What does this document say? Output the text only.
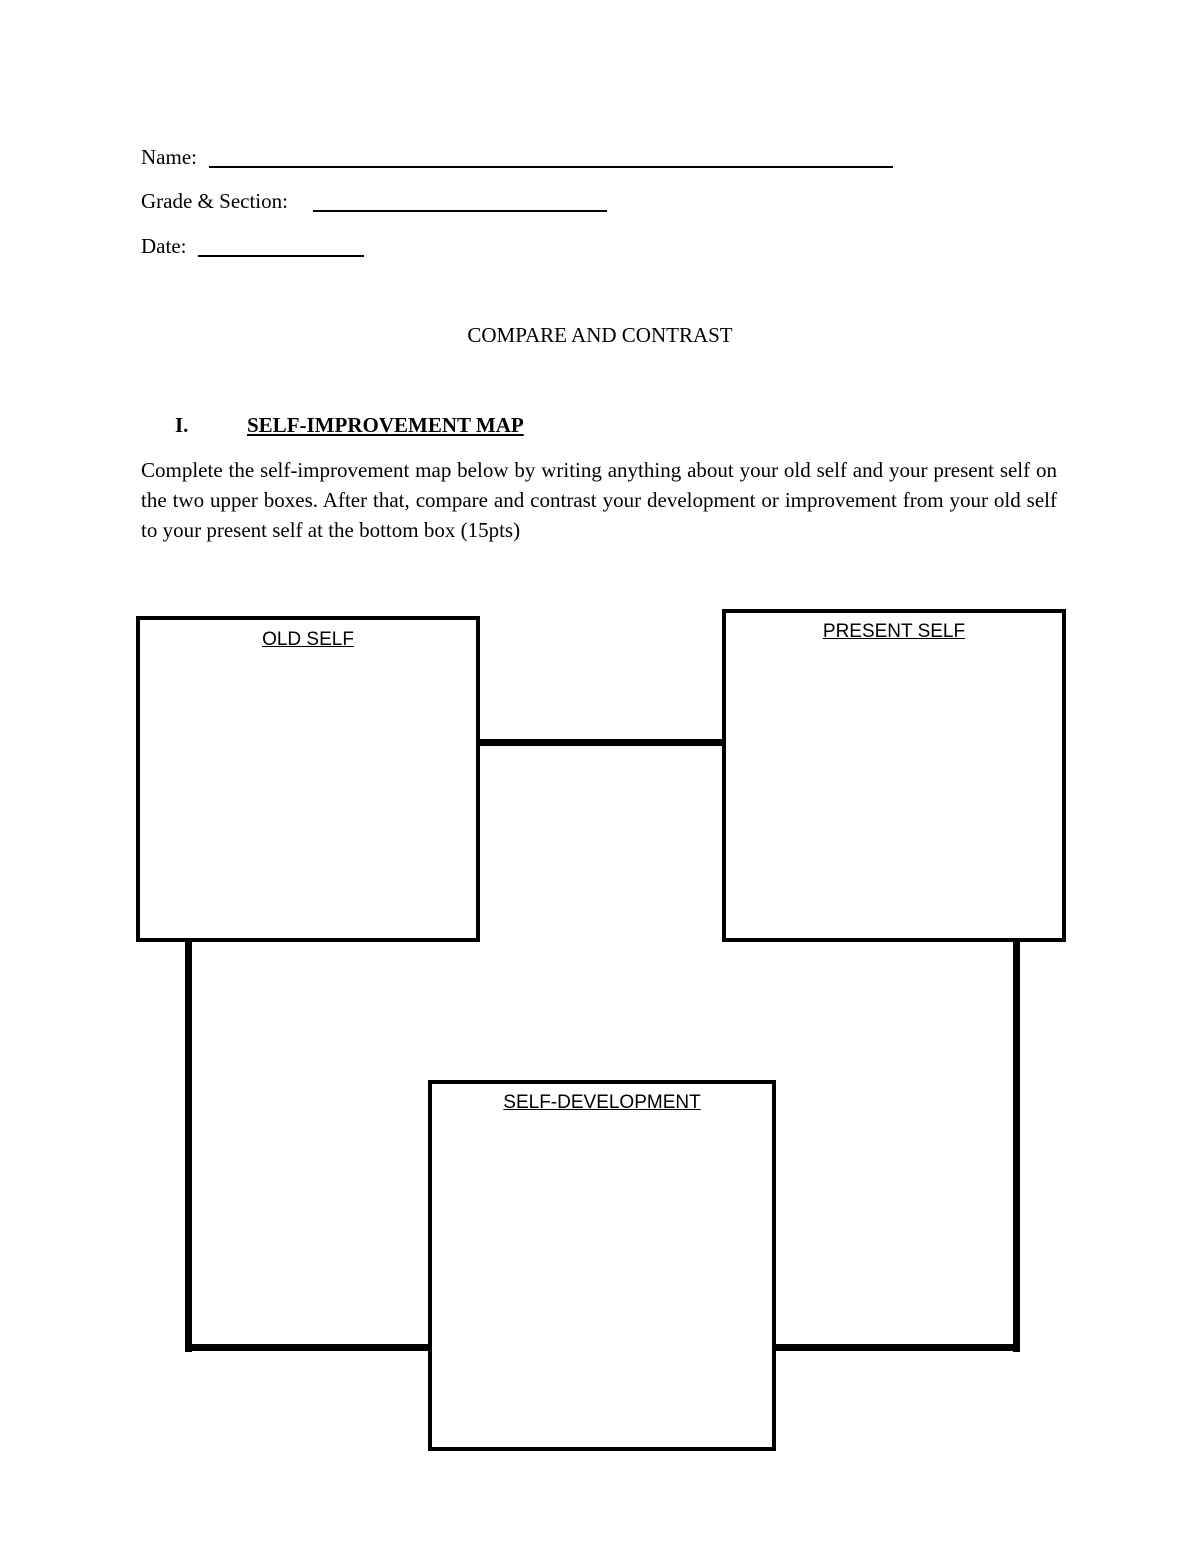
Name:
Grade & Section:
Date:
COMPARE AND CONTRAST
I.	SELF-IMPROVEMENT MAP

Complete the self-improvement map below by writing anything about your old self and your present self on the two upper boxes. After that, compare and contrast your development or improvement from your old self to your present self at the bottom box (15pts)

OLD SELF	PRESENT SELF
SELF-DEVELOPMENT
